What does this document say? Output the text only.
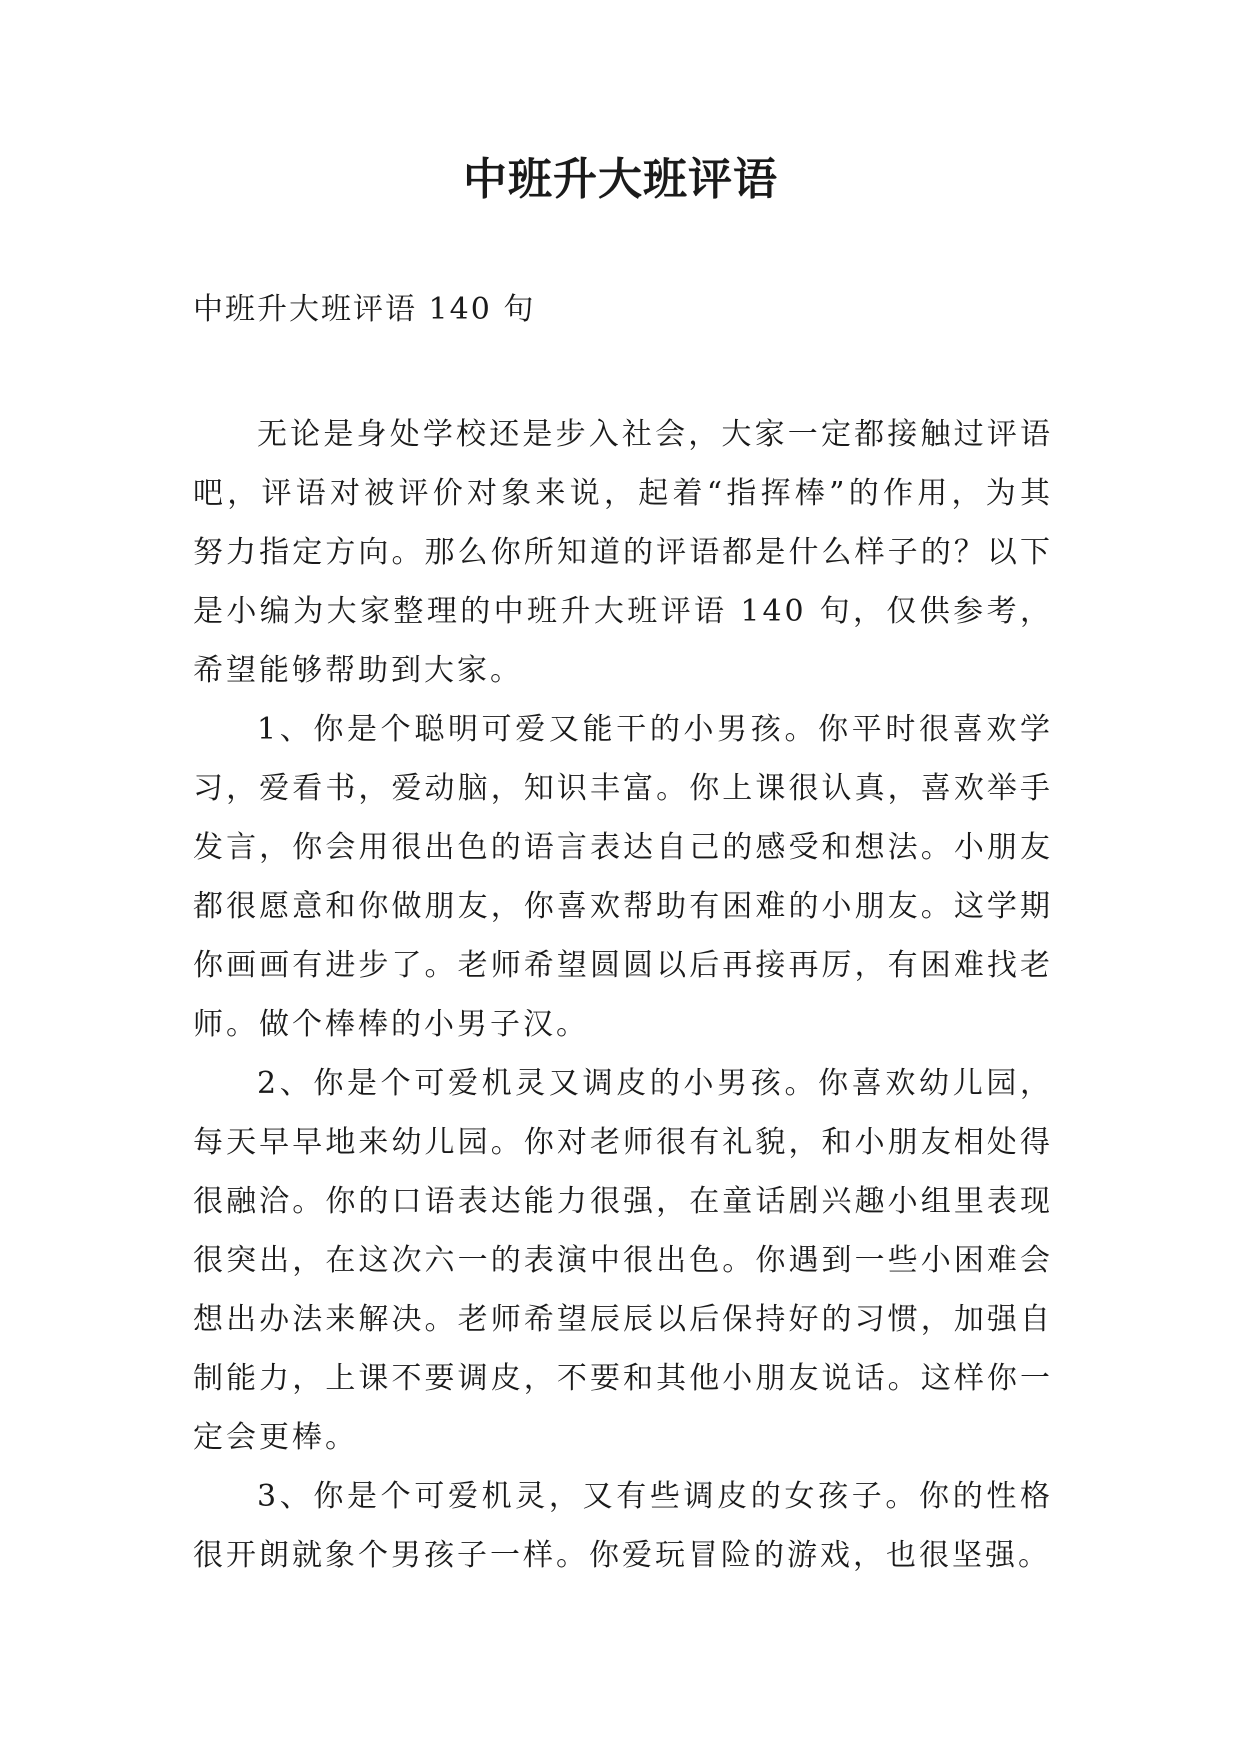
中班升大班评语
中班升大班评语 140 句

无论是身处学校还是步入社会，大家一定都接触过评语吧，评语对被评价对象来说，起着“指挥棒”的作用，为其努力指定方向。那么你所知道的评语都是什么样子的？以下是小编为大家整理的中班升大班评语 140 句，仅供参考，希望能够帮助到大家。

1、你是个聪明可爱又能干的小男孩。你平时很喜欢学习，爱看书，爱动脑，知识丰富。你上课很认真，喜欢举手发言，你会用很出色的语言表达自己的感受和想法。小朋友都很愿意和你做朋友，你喜欢帮助有困难的小朋友。这学期你画画有进步了。老师希望圆圆以后再接再厉，有困难找老师。做个棒棒的小男子汉。

2、你是个可爱机灵又调皮的小男孩。你喜欢幼儿园，每天早早地来幼儿园。你对老师很有礼貌，和小朋友相处得很融洽。你的口语表达能力很强，在童话剧兴趣小组里表现很突出，在这次六一的表演中很出色。你遇到一些小困难会想出办法来解决。老师希望辰辰以后保持好的习惯，加强自制能力，上课不要调皮，不要和其他小朋友说话。这样你一定会更棒。

3、你是个可爱机灵，又有些调皮的女孩子。你的性格很开朗就象个男孩子一样。你爱玩冒险的游戏，也很坚强。
